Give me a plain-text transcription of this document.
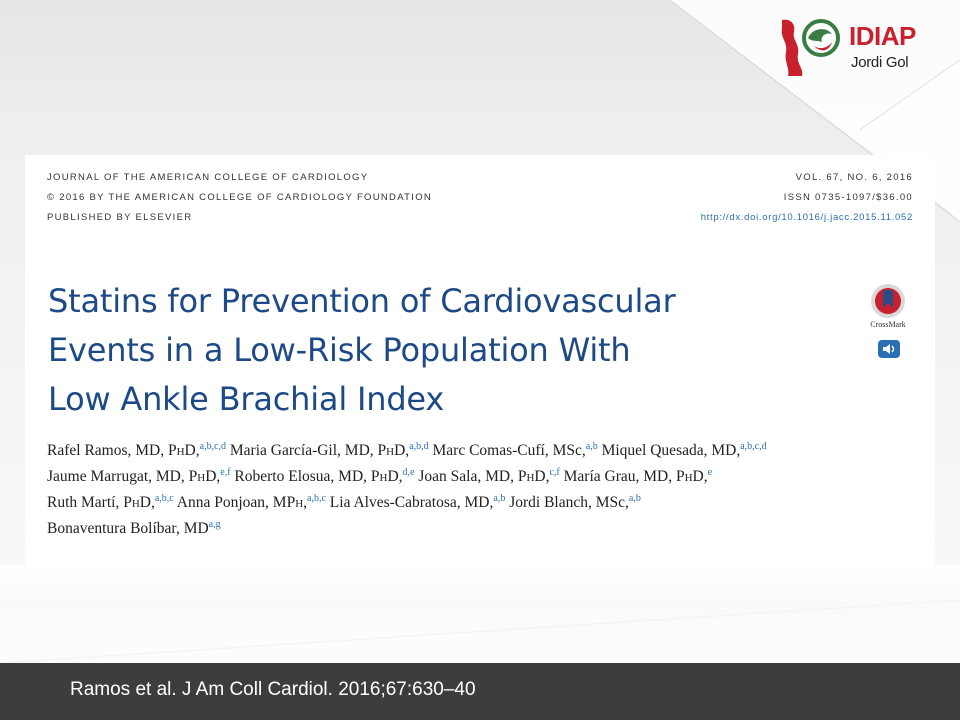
IDIAP
Jordi Gol
JOURNAL OF THE AMERICAN COLLEGE OF CARDIOLOGY
© 2016 BY THE AMERICAN COLLEGE OF CARDIOLOGY FOUNDATION
PUBLISHED BY ELSEVIER
VOL. 67, NO. 6, 2016
ISSN 0735-1097/$36.00
http://dx.doi.org/10.1016/j.jacc.2015.11.052
Statins for Prevention of Cardiovascular
Events in a Low-Risk Population With
Low Ankle Brachial Index
CrossMark
Rafel Ramos, MD, PhD,$^{a,b,c,d}$ Maria García-Gil, MD, PhD,$^{a,b,d}$ Marc Comas-Cufí, MSc,$^{a,b}$ Miquel Quesada, MD,$^{a,b,c,d}$
Jaume Marrugat, MD, PhD,$^{e,f}$ Roberto Elosua, MD, PhD,$^{d,e}$ Joan Sala, MD, PhD,$^{c,f}$ María Grau, MD, PhD,$^e$
Ruth Martí, PhD,$^{a,b,c}$ Anna Ponjoan, MPh,$^{a,b,c}$ Lia Alves-Cabratosa, MD,$^{a,b}$ Jordi Blanch, MSc,$^{a,b}$
Bonaventura Bolíbar, MD$^{a,g}$
Ramos et al. J Am Coll Cardiol. 2016;67:630–40
